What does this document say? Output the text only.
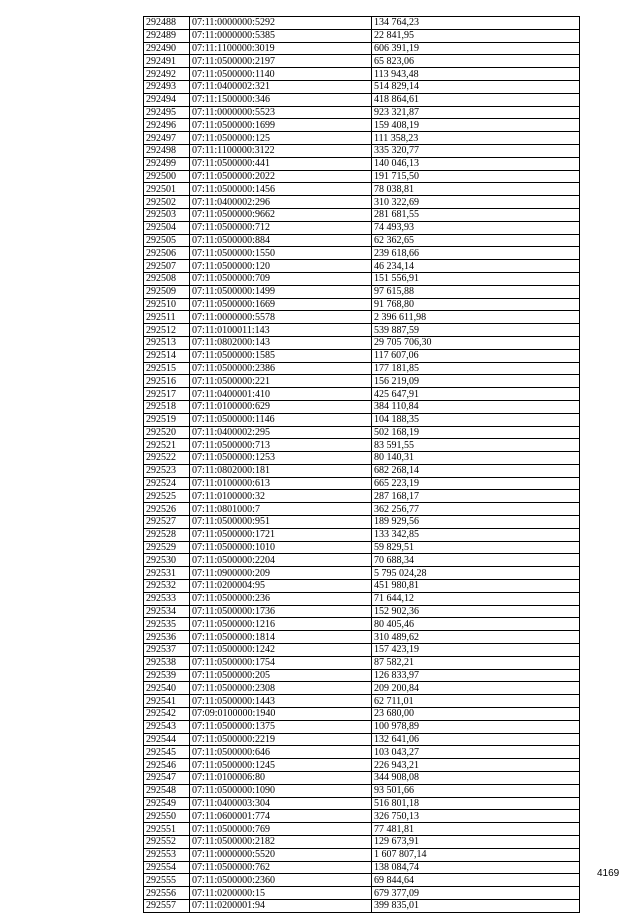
292488	07:11:0000000:5292	134 764,23
292489	07:11:0000000:5385	22 841,95
292490	07:11:1100000:3019	606 391,19
292491	07:11:0500000:2197	65 823,06
292492	07:11:0500000:1140	113 943,48
292493	07:11:0400002:321	514 829,14
292494	07:11:1500000:346	418 864,61
292495	07:11:0000000:5523	923 321,87
292496	07:11:0500000:1699	159 408,19
292497	07:11:0500000:125	111 358,23
292498	07:11:1100000:3122	335 320,77
292499	07:11:0500000:441	140 046,13
292500	07:11:0500000:2022	191 715,50
292501	07:11:0500000:1456	78 038,81
292502	07:11:0400002:296	310 322,69
292503	07:11:0500000:9662	281 681,55
292504	07:11:0500000:712	74 493,93
292505	07:11:0500000:884	62 362,65
292506	07:11:0500000:1550	239 618,66
292507	07:11:0500000:120	46 234,14
292508	07:11:0500000:709	151 556,91
292509	07:11:0500000:1499	97 615,88
292510	07:11:0500000:1669	91 768,80
292511	07:11:0000000:5578	2 396 611,98
292512	07:11:0100011:143	539 887,59
292513	07:11:0802000:143	29 705 706,30
292514	07:11:0500000:1585	117 607,06
292515	07:11:0500000:2386	177 181,85
292516	07:11:0500000:221	156 219,09
292517	07:11:0400001:410	425 647,91
292518	07:11:0100000:629	384 110,84
292519	07:11:0500000:1146	104 188,35
292520	07:11:0400002:295	502 168,19
292521	07:11:0500000:713	83 591,55
292522	07:11:0500000:1253	80 140,31
292523	07:11:0802000:181	682 268,14
292524	07:11:0100000:613	665 223,19
292525	07:11:0100000:32	287 168,17
292526	07:11:0801000:7	362 256,77
292527	07:11:0500000:951	189 929,56
292528	07:11:0500000:1721	133 342,85
292529	07:11:0500000:1010	59 829,51
292530	07:11:0500000:2204	70 688,34
292531	07:11:0900000:209	5 795 024,28
292532	07:11:0200004:95	451 980,81
292533	07:11:0500000:236	71 644,12
292534	07:11:0500000:1736	152 902,36
292535	07:11:0500000:1216	80 405,46
292536	07:11:0500000:1814	310 489,62
292537	07:11:0500000:1242	157 423,19
292538	07:11:0500000:1754	87 582,21
292539	07:11:0500000:205	126 833,97
292540	07:11:0500000:2308	209 200,84
292541	07:11:0500000:1443	62 711,01
292542	07:09:0100000:1940	23 680,00
292543	07:11:0500000:1375	100 978,89
292544	07:11:0500000:2219	132 641,06
292545	07:11:0500000:646	103 043,27
292546	07:11:0500000:1245	226 943,21
292547	07:11:0100006:80	344 908,08
292548	07:11:0500000:1090	93 501,66
292549	07:11:0400003:304	516 801,18
292550	07:11:0600001:774	326 750,13
292551	07:11:0500000:769	77 481,81
292552	07:11:0500000:2182	129 673,91
292553	07:11:0000000:5520	1 607 807,14
292554	07:11:0500000:762	138 084,74
292555	07:11:0500000:2360	69 844,64
292556	07:11:0200000:15	679 377,09
292557	07:11:0200001:94	399 835,01
4169
